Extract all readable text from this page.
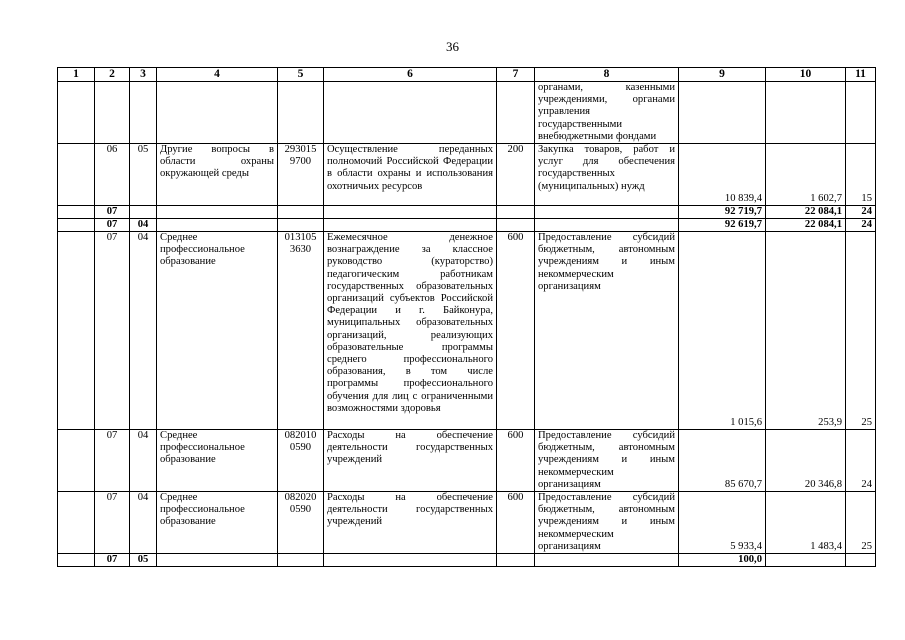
36
1	2	3	4	5	6	7	8	9	10	11
							органами, казенными учреждениями, органами управления государственными внебюджетными фондами			
	06	05	Другие вопросы в области охраны окружающей среды	293015 9700	Осуществление переданных полномочий Российской Федерации в области охраны и использования охотничьих ресурсов	200	Закупка товаров, работ и услуг для обеспечения государственных (муниципальных) нужд	10 839,4	1 602,7	15
	07							92 719,7	22 084,1	24
	07	04						92 619,7	22 084,1	24
	07	04	Среднее профессиональное образование	013105 3630	Ежемесячное денежное вознаграждение за классное руководство (кураторство) педагогическим работникам государственных образовательных организаций субъектов Российской Федерации и г. Байконура, муниципальных образовательных организаций, реализующих образовательные программы среднего профессионального образования, в том числе программы профессионального обучения для лиц с ограниченными возможностями здоровья	600	Предоставление субсидий бюджетным, автономным учреждениям и иным некоммерческим организациям	1 015,6	253,9	25
	07	04	Среднее профессиональное образование	082010 0590	Расходы на обеспечение деятельности государственных учреждений	600	Предоставление субсидий бюджетным, автономным учреждениям и иным некоммерческим организациям	85 670,7	20 346,8	24
	07	04	Среднее профессиональное образование	082020 0590	Расходы на обеспечение деятельности государственных учреждений	600	Предоставление субсидий бюджетным, автономным учреждениям и иным некоммерческим организациям	5 933,4	1 483,4	25
	07	05						100,0		
